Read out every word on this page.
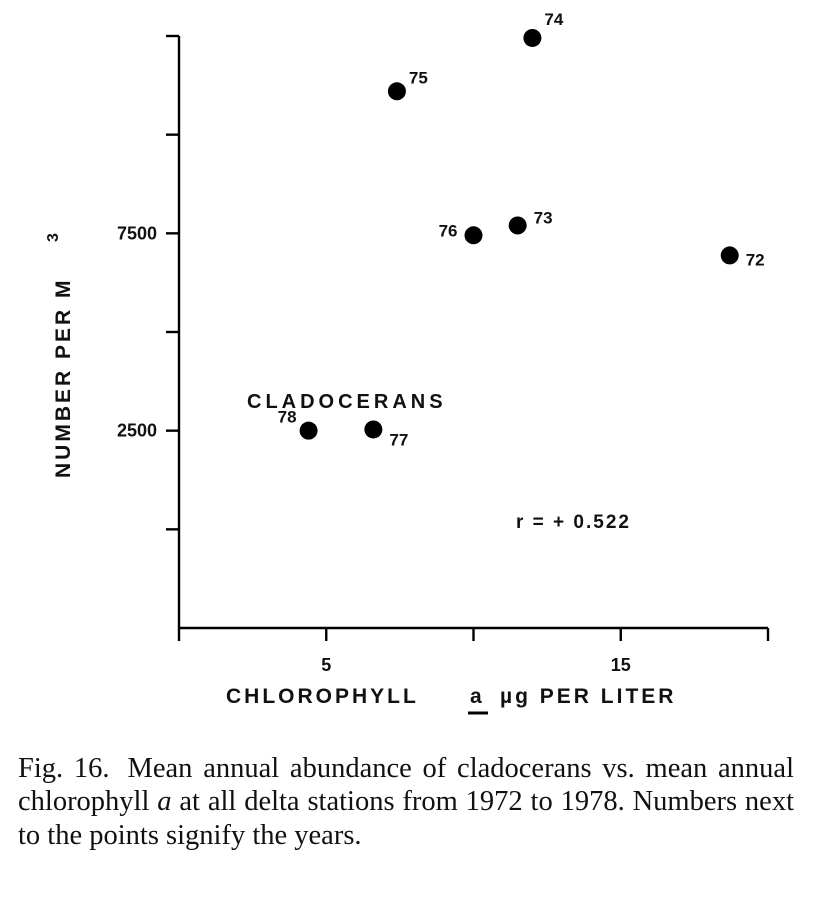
5	15
2500
7500
72
73
74
75
76
77
78
CLADOCERANS
r = + 0.522
CHLOROPHYLL a µg PER LITER
NUMBER PER M
3
Fig. 16. Mean annual abundance of cladocerans vs. mean annual chlorophyll a at all delta stations from 1972 to 1978. Numbers next to the points signify the years.
